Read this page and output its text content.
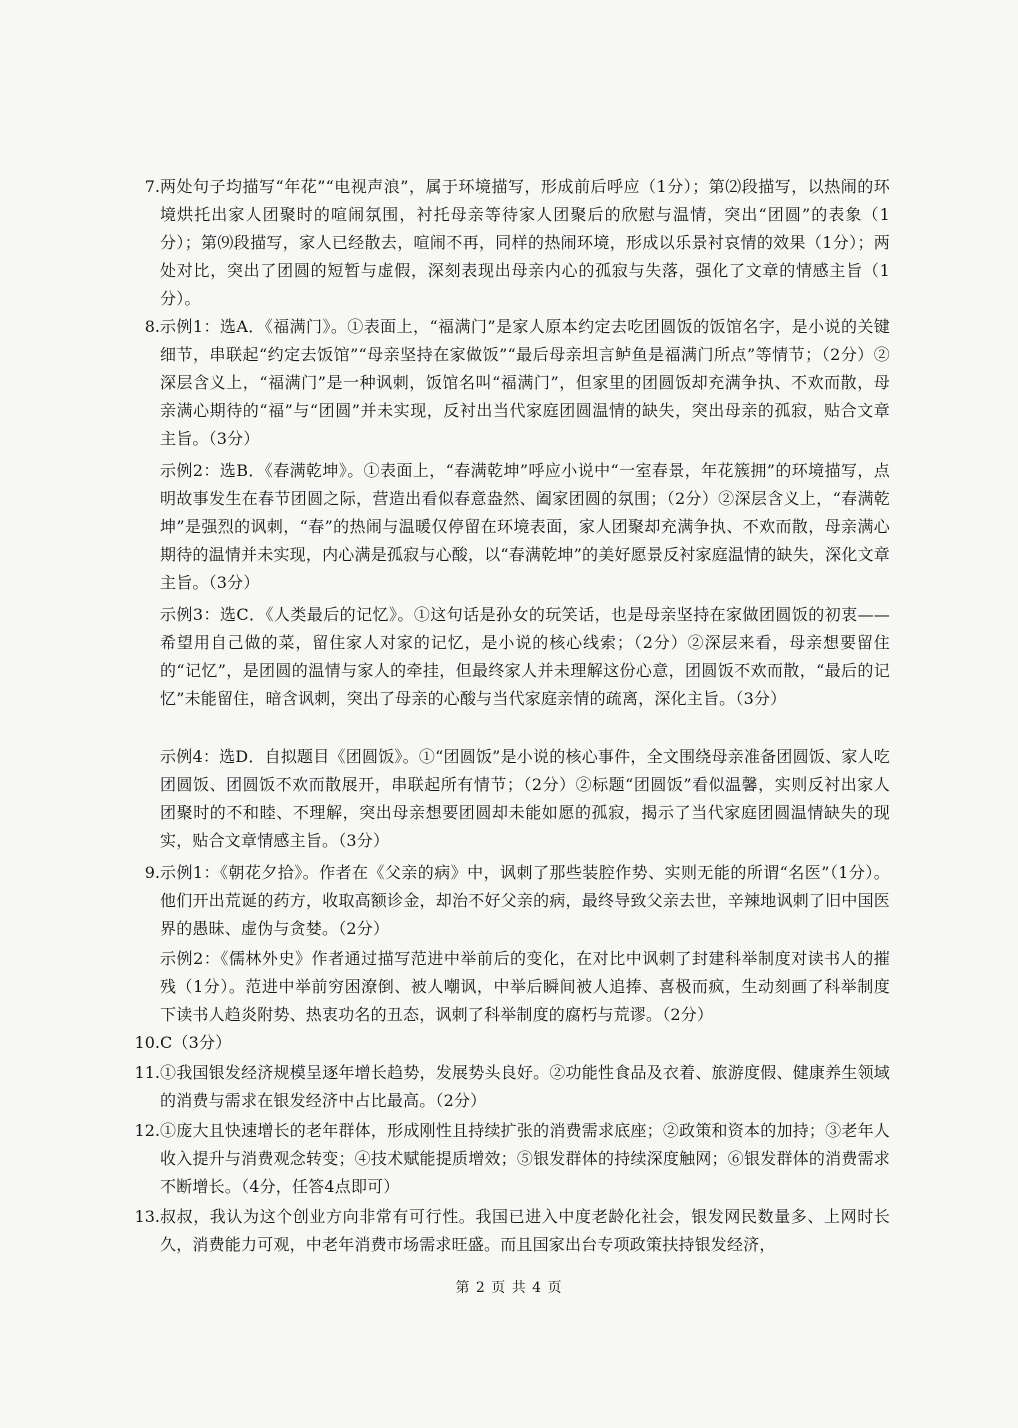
7. 两处句子均描写“年花”“电视声浪”，属于环境描写，形成前后呼应（1分）；第⑵段描写，以热闹的环境烘托出家人团聚时的喧闹氛围，衬托母亲等待家人团聚后的欣慰与温情，突出“团圆”的表象（1分）；第⑼段描写，家人已经散去，喧闹不再，同样的热闹环境，形成以乐景衬哀情的效果（1分）；两处对比，突出了团圆的短暂与虚假，深刻表现出母亲内心的孤寂与失落，强化了文章的情感主旨（1分）。
8. 示例1：选A．《福满门》。①表面上，“福满门”是家人原本约定去吃团圆饭的饭馆名字，是小说的关键细节，串联起“约定去饭馆”“母亲坚持在家做饭”“最后母亲坦言鲈鱼是福满门所点”等情节；（2分）②深层含义上，“福满门”是一种讽刺，饭馆名叫“福满门”，但家里的团圆饭却充满争执、不欢而散，母亲满心期待的“福”与“团圆”并未实现，反衬出当代家庭团圆温情的缺失，突出母亲的孤寂，贴合文章主旨。（3分）
示例2：选B．《春满乾坤》。①表面上，“春满乾坤”呼应小说中“一室春景，年花簇拥”的环境描写，点明故事发生在春节团圆之际，营造出看似春意盎然、阖家团圆的氛围；（2分）②深层含义上，“春满乾坤”是强烈的讽刺，“春”的热闹与温暖仅停留在环境表面，家人团聚却充满争执、不欢而散，母亲满心期待的温情并未实现，内心满是孤寂与心酸，以“春满乾坤”的美好愿景反衬家庭温情的缺失，深化文章主旨。（3分）
示例3：选C．《人类最后的记忆》。①这句话是孙女的玩笑话，也是母亲坚持在家做团圆饭的初衷——希望用自己做的菜，留住家人对家的记忆，是小说的核心线索；（2分）②深层来看，母亲想要留住的“记忆”，是团圆的温情与家人的牵挂，但最终家人并未理解这份心意，团圆饭不欢而散，“最后的记忆”未能留住，暗含讽刺，突出了母亲的心酸与当代家庭亲情的疏离，深化主旨。（3分）
示例4：选D．自拟题目《团圆饭》。①“团圆饭”是小说的核心事件，全文围绕母亲准备团圆饭、家人吃团圆饭、团圆饭不欢而散展开，串联起所有情节；（2分）②标题“团圆饭”看似温馨，实则反衬出家人团聚时的不和睦、不理解，突出母亲想要团圆却未能如愿的孤寂，揭示了当代家庭团圆温情缺失的现实，贴合文章情感主旨。（3分）
9. 示例1：《朝花夕拾》。作者在《父亲的病》中，讽刺了那些装腔作势、实则无能的所谓“名医”（1分）。他们开出荒诞的药方，收取高额诊金，却治不好父亲的病，最终导致父亲去世，辛辣地讽刺了旧中国医界的愚昧、虚伪与贪婪。（2分）
示例2：《儒林外史》作者通过描写范进中举前后的变化，在对比中讽刺了封建科举制度对读书人的摧残（1分）。范进中举前穷困潦倒、被人嘲讽，中举后瞬间被人追捧、喜极而疯，生动刻画了科举制度下读书人趋炎附势、热衷功名的丑态，讽刺了科举制度的腐朽与荒谬。（2分）
10. C（3分）
11. ①我国银发经济规模呈逐年增长趋势，发展势头良好。②功能性食品及衣着、旅游度假、健康养生领域的消费与需求在银发经济中占比最高。（2分）
12. ①庞大且快速增长的老年群体，形成刚性且持续扩张的消费需求底座；②政策和资本的加持；③老年人收入提升与消费观念转变；④技术赋能提质增效；⑤银发群体的持续深度触网；⑥银发群体的消费需求不断增长。（4分，任答4点即可）
13. 叔叔，我认为这个创业方向非常有可行性。我国已进入中度老龄化社会，银发网民数量多、上网时长久，消费能力可观，中老年消费市场需求旺盛。而且国家出台专项政策扶持银发经济，
第 2 页 共 4 页
